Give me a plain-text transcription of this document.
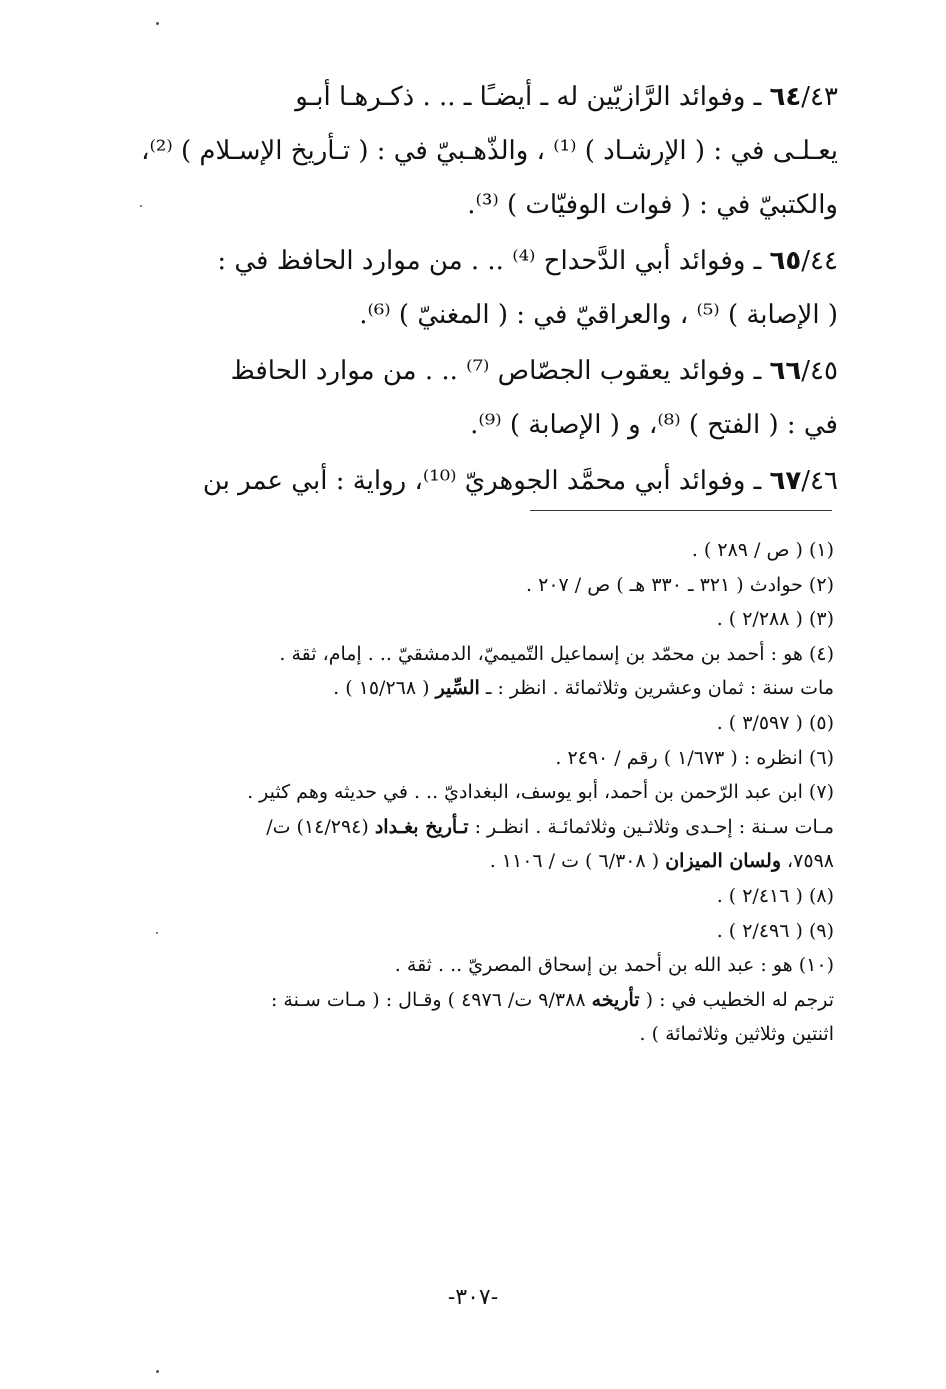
٦٤/٤٣ ـ وفوائد الرَّازيّين له ـ أيضـًا ـ .. . ذكـرهـا أبـو
يعـلـى في : ( الإرشـاد ) ⁽¹⁾ ، والذّهـبيّ في : ( تـأريخ الإسـلام ) ⁽²⁾،
والكتبيّ في : ( فوات الوفيّات ) ⁽³⁾.
٦٥/٤٤ ـ وفوائد أبي الدَّحداح ⁽⁴⁾ .. . من موارد الحافظ في :
( الإصابة ) ⁽⁵⁾ ، والعراقيّ في : ( المغنيّ ) ⁽⁶⁾.
٦٦/٤٥ ـ وفوائد يعقوب الجصّاص ⁽⁷⁾ .. . من موارد الحافظ
في : ( الفتح ) ⁽⁸⁾، و ( الإصابة ) ⁽⁹⁾.
٦٧/٤٦ ـ وفوائد أبي محمَّد الجوهريّ ⁽¹⁰⁾، رواية : أبي عمر بن
(١) ( ص / ٢٨٩ ) .
(٢) حوادث ( ٣٢١ ـ ٣٣٠ هـ ) ص / ٢٠٧ .
(٣) ( ٢/٢٨٨ ) .
(٤) هو : أحمد بن محمّد بن إسماعيل التّميميّ، الدمشقيّ .. . إمام، ثقة .
مات سنة : ثمان وعشرين وثلاثمائة . انظر : ـ السِّير ( ١٥/٢٦٨ ) .
(٥) ( ٣/٥٩٧ ) .
(٦) انظره : ( ١/٦٧٣ ) رقم / ٢٤٩٠ .
(٧) ابن عبد الرّحمن بن أحمد، أبو يوسف، البغداديّ .. . في حديثه وهم كثير .
مـات سـنة : إحـدى وثلاثـين وثلاثمائـة . انظـر : تـأريخ بغـداد (١٤/٢٩٤) ت/
٧٥٩٨، ولسان الميزان ( ٦/٣٠٨ ) ت / ١١٠٦ .
(٨) ( ٢/٤١٦ ) .
(٩) ( ٢/٤٩٦ ) .
(١٠) هو : عبد الله بن أحمد بن إسحاق المصريّ .. . ثقة .
ترجم له الخطيب في : ( تأريخه ٩/٣٨٨ ت/ ٤٩٧٦ ) وقـال : ( مـات سـنة :
اثنتين وثلاثين وثلاثمائة ) .
-٣٠٧-
